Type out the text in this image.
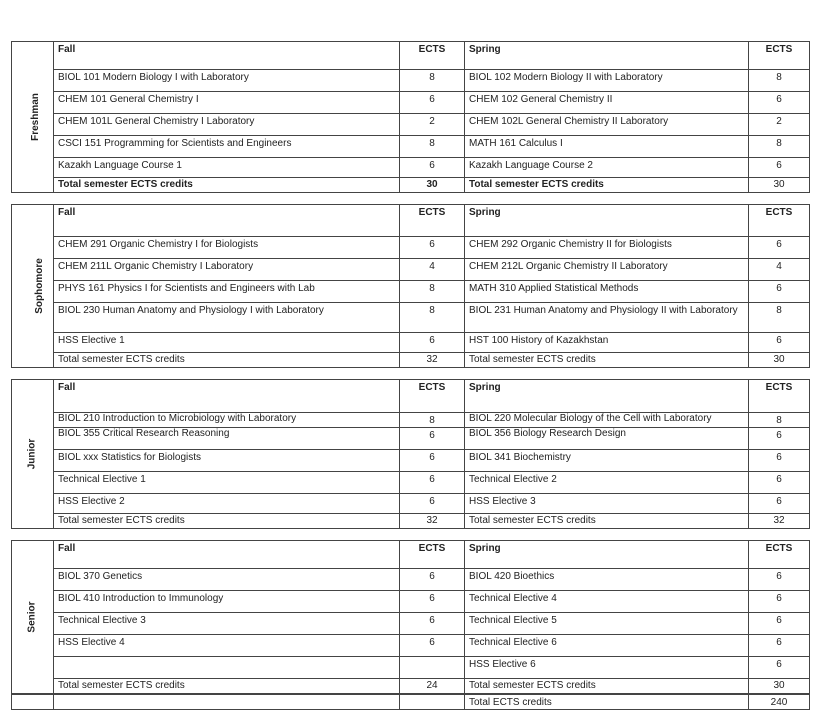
Freshman	Fall	ECTS	Spring	ECTS
	BIOL 101 Modern Biology I with Laboratory	8	BIOL 102 Modern Biology II with Laboratory	8
	CHEM 101 General Chemistry I	6	CHEM 102 General Chemistry II	6
	CHEM 101L General Chemistry I Laboratory	2	CHEM 102L General Chemistry II Laboratory	2
	CSCI 151 Programming for Scientists and Engineers	8	MATH 161 Calculus I	8
	Kazakh Language Course 1	6	Kazakh Language Course 2	6
	Total semester ECTS credits	30	Total semester ECTS credits	30
Sophomore	Fall	ECTS	Spring	ECTS
	CHEM 291 Organic Chemistry I for Biologists	6	CHEM 292 Organic Chemistry II for Biologists	6
	CHEM 211L Organic Chemistry I Laboratory	4	CHEM 212L Organic Chemistry II Laboratory	4
	PHYS 161 Physics I for Scientists and Engineers with Lab	8	MATH 310 Applied Statistical Methods	6
	BIOL 230 Human Anatomy and Physiology I with Laboratory	8	BIOL 231 Human Anatomy and Physiology II with Laboratory	8
	HSS Elective 1	6	HST 100 History of Kazakhstan	6
	Total semester ECTS credits	32	Total semester ECTS credits	30
Junior	Fall	ECTS	Spring	ECTS
	BIOL 210 Introduction to Microbiology with Laboratory	8	BIOL 220 Molecular Biology of the Cell with Laboratory	8
	BIOL 355 Critical Research Reasoning	6	BIOL 356 Biology Research Design	6
	BIOL xxx Statistics for Biologists	6	BIOL 341 Biochemistry	6
	Technical Elective 1	6	Technical Elective 2	6
	HSS Elective 2	6	HSS Elective 3	6
	Total semester ECTS credits	32	Total semester ECTS credits	32
Senior	Fall	ECTS	Spring	ECTS
	BIOL 370 Genetics	6	BIOL 420 Bioethics	6
	BIOL 410 Introduction to Immunology	6	Technical Elective 4	6
	Technical Elective 3	6	Technical Elective 5	6
	HSS Elective 4	6	Technical Elective 6	6
			HSS Elective 6	6
	Total semester ECTS credits	24	Total semester ECTS credits	30
			Total ECTS credits	240
